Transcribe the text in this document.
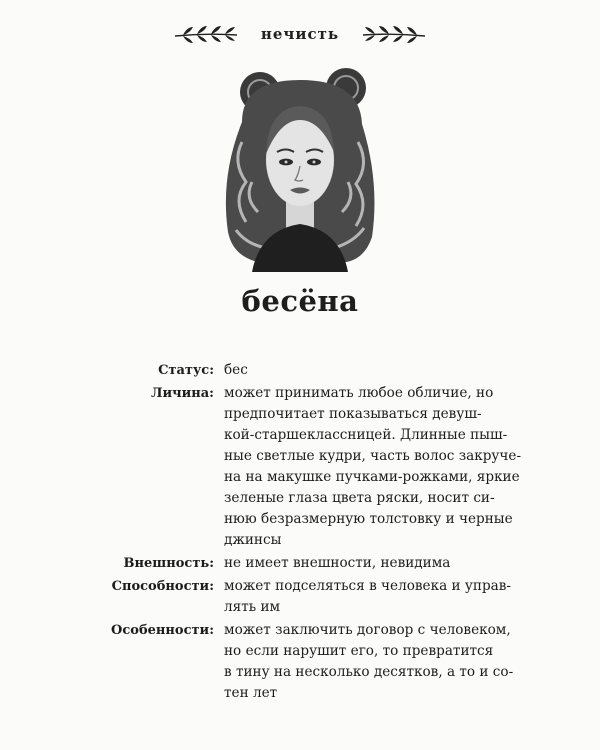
нечисть
бесёна
Статус: бес
Личина: может принимать любое обличие, но
предпочитает показываться девуш-
кой-старшеклассницей. Длинные пыш-
ные светлые кудри, часть волос закруче-
на на макушке пучками-рожками, яркие
зеленые глаза цвета ряски, носит си-
нюю безразмерную толстовку и черные
джинсы
Внешность: не имеет внешности, невидима
Способности: может подселяться в человека и управ-
лять им
Особенности: может заключить договор с человеком,
но если нарушит его, то превратится
в тину на несколько десятков, а то и со-
тен лет
